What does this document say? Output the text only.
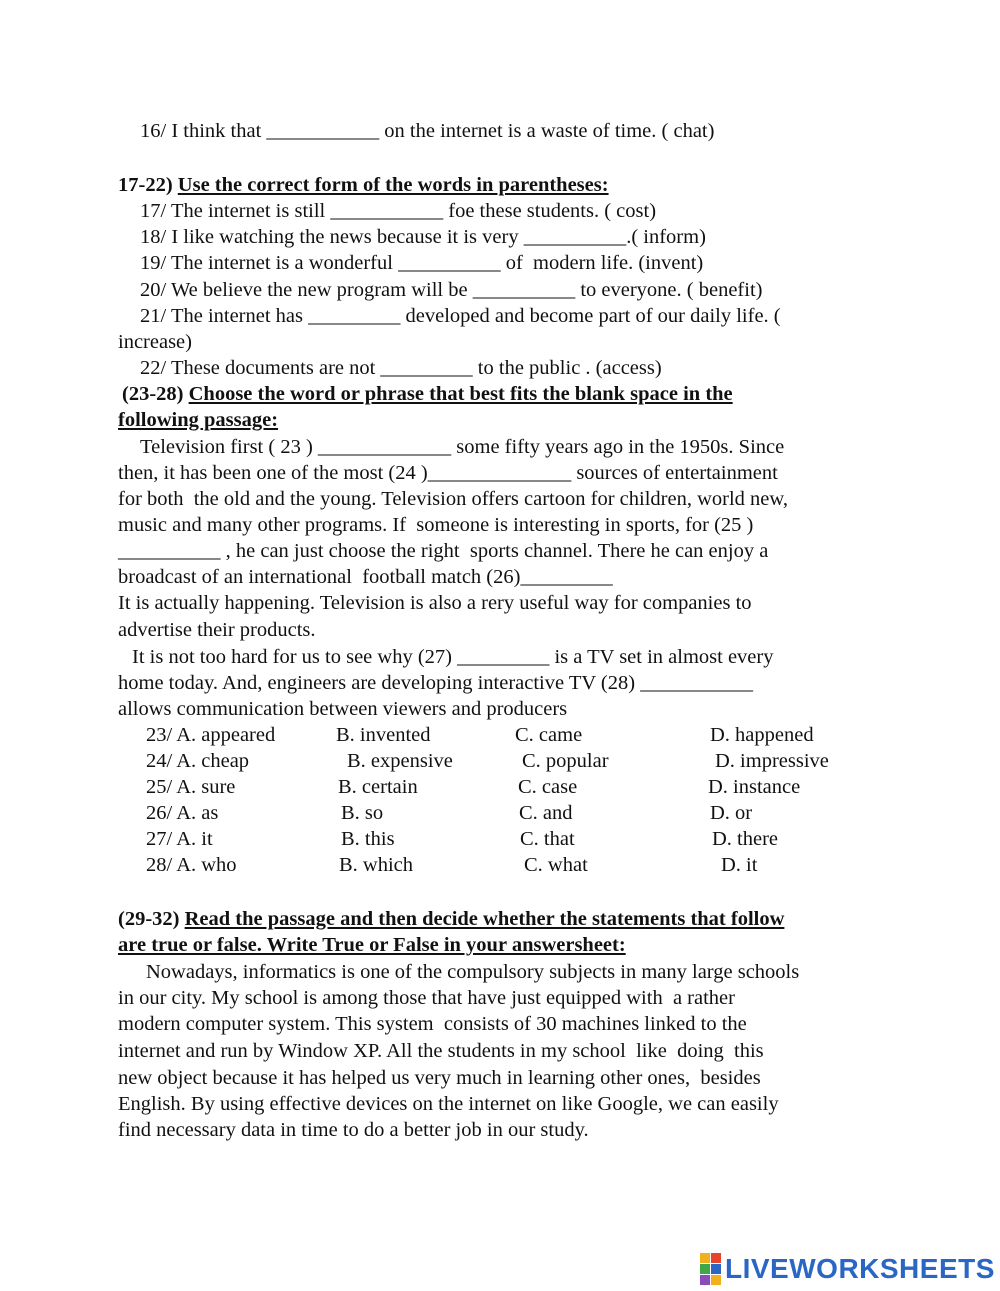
16/ I think that ___________ on the internet is a waste of time. ( chat)

17-22) Use the correct form of the words in parentheses:

17/ The internet is still ___________ foe these students. ( cost)

18/ I like watching the news because it is very __________.( inform)

19/ The internet is a wonderful __________ of  modern life. (invent)

20/ We believe the new program will be __________ to everyone. ( benefit)

21/ The internet has _________ developed and become part of our daily life. (

increase)

22/ These documents are not _________ to the public . (access)

(23-28) Choose the word or phrase that best fits the blank space in the

following passage:

Television first ( 23 ) _____________ some fifty years ago in the 1950s. Since

then, it has been one of the most (24 )______________ sources of entertainment

for both  the old and the young. Television offers cartoon for children, world new,

music and many other programs. If  someone is interesting in sports, for (25 )

__________ , he can just choose the right  sports channel. There he can enjoy a

broadcast of an international  football match (26)_________

It is actually happening. Television is also a rery useful way for companies to

advertise their products.

It is not too hard for us to see why (27) _________ is a TV set in almost every

home today. And, engineers are developing interactive TV (28) ___________

allows communication between viewers and producers

23/ A. appeared	B. invented	C. came	D. happened
24/ A. cheap	B. expensive	C. popular	D. impressive
25/ A. sure	B. certain	C. case	D. instance
26/ A. as	B. so	C. and	D. or
27/ A. it	B. this	C. that	D. there
28/ A. who	B. which	C. what	D. it

(29-32) Read the passage and then decide whether the statements that follow

are true or false. Write True or False in your answersheet:

Nowadays, informatics is one of the compulsory subjects in many large schools

in our city. My school is among those that have just equipped with  a rather

modern computer system. This system  consists of 30 machines linked to the

internet and run by Window XP. All the students in my school  like  doing  this

new object because it has helped us very much in learning other ones,  besides

English. By using effective devices on the internet on like Google, we can easily

find necessary data in time to do a better job in our study.

LIVEWORKSHEETS
